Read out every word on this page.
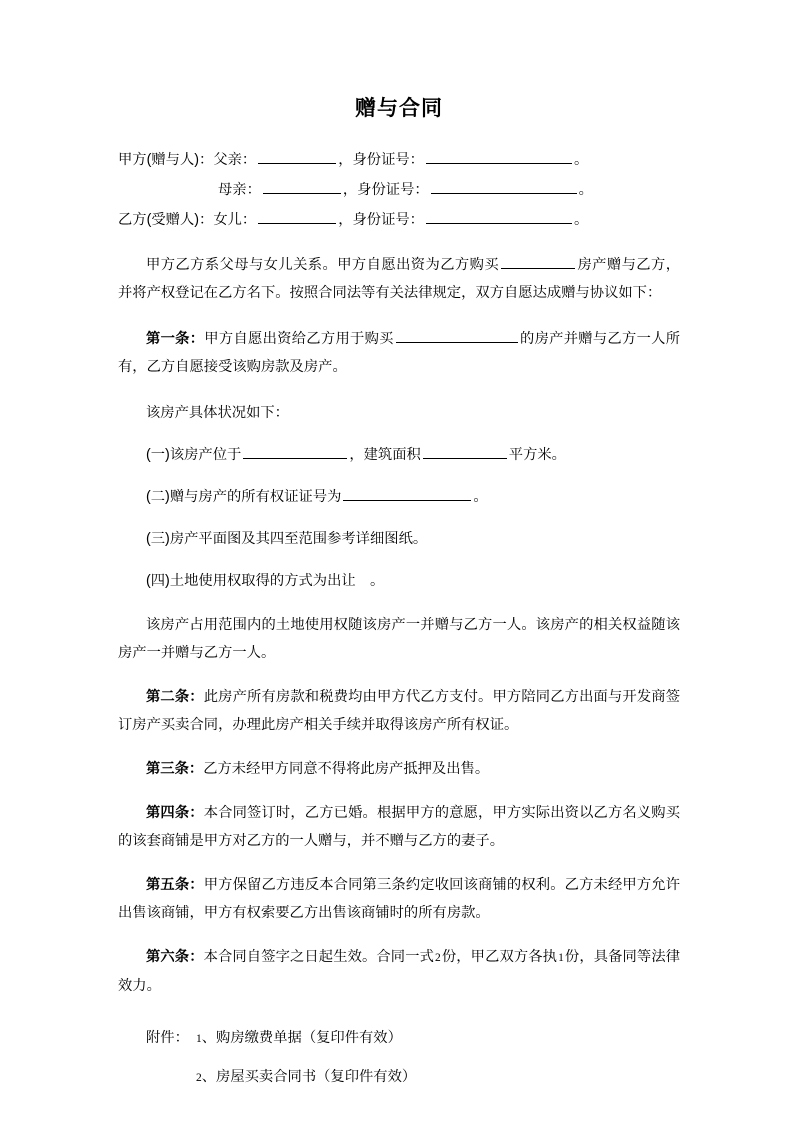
赠与合同
甲方(赠与人)：父亲：	，身份证号：	。
母亲：	，身份证号：	。
乙方(受赠人)：女儿：	，身份证号：	。

甲方乙方系父母与女儿关系。甲方自愿出资为乙方购买	房产赠与乙方，并将产权登记在乙方名下。按照合同法等有关法律规定，双方自愿达成赠与协议如下：

第一条：甲方自愿出资给乙方用于购买	的房产并赠与乙方一人所有，乙方自愿接受该购房款及房产。

该房产具体状况如下：

(一)该房产位于	，建筑面积	平方米。

(二)赠与房产的所有权证证号为	。

(三)房产平面图及其四至范围参考详细图纸。

(四)土地使用权取得的方式为出让　。

该房产占用范围内的土地使用权随该房产一并赠与乙方一人。该房产的相关权益随该房产一并赠与乙方一人。

第二条：此房产所有房款和税费均由甲方代乙方支付。甲方陪同乙方出面与开发商签订房产买卖合同，办理此房产相关手续并取得该房产所有权证。

第三条：乙方未经甲方同意不得将此房产抵押及出售。

第四条：本合同签订时，乙方已婚。根据甲方的意愿，甲方实际出资以乙方名义购买的该套商铺是甲方对乙方的一人赠与，并不赠与乙方的妻子。

第五条：甲方保留乙方违反本合同第三条约定收回该商铺的权利。乙方未经甲方允许出售该商铺，甲方有权索要乙方出售该商铺时的所有房款。

第六条：本合同自签字之日起生效。合同一式2份，甲乙双方各执1份，具备同等法律效力。

附件： 1、购房缴费单据（复印件有效）
2、房屋买卖合同书（复印件有效）
